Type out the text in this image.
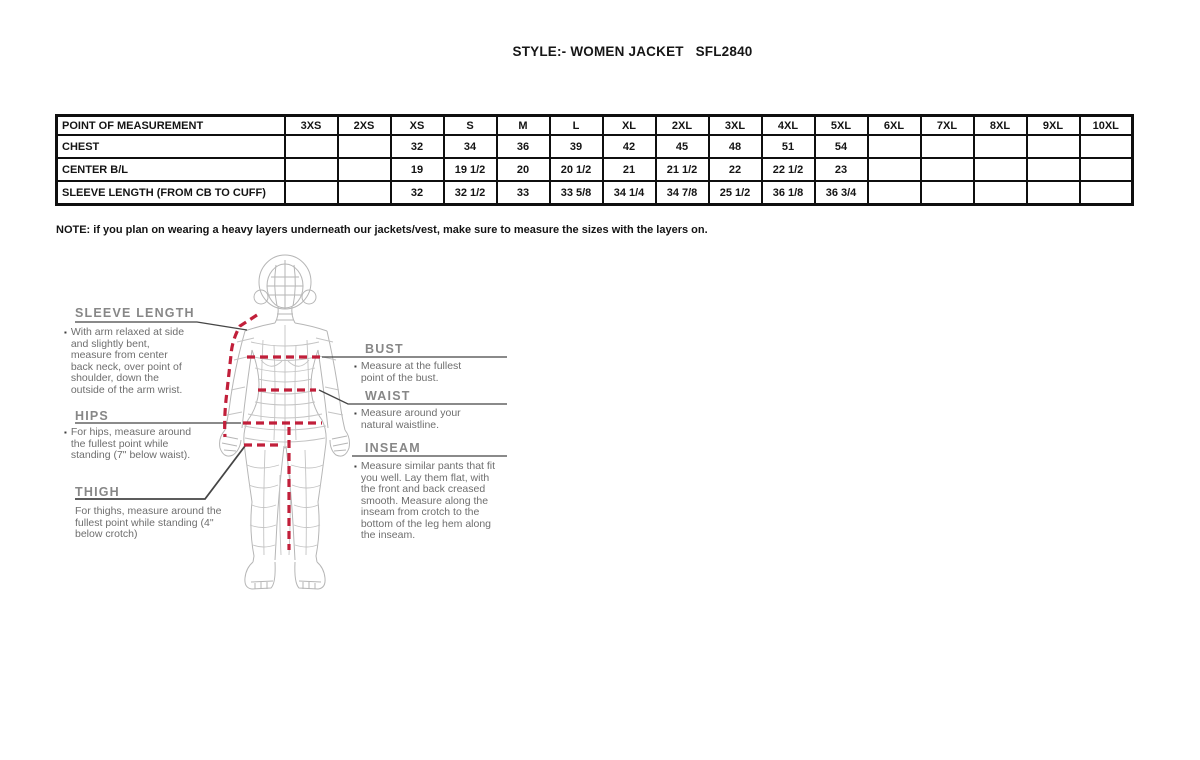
STYLE:- WOMEN JACKET   SFL2840
POINT OF MEASUREMENT	3XS	2XS	XS	S	M	L	XL	2XL	3XL	4XL	5XL	6XL	7XL	8XL	9XL	10XL
CHEST			32	34	36	39	42	45	48	51	54					
CENTER B/L			19	19 1/2	20	20 1/2	21	21 1/2	22	22 1/2	23					
SLEEVE LENGTH (FROM CB TO CUFF)			32	32 1/2	33	33 5/8	34 1/4	34 7/8	25 1/2	36 1/8	36 3/4					
NOTE: if you plan on wearing a heavy layers underneath our jackets/vest, make sure to measure the sizes with the layers on.
SLEEVE LENGTH
▪ With arm relaxed at side and slightly bent, measure from center back neck, over point of shoulder, down the outside of the arm wrist.
HIPS
▪ For hips, measure around the fullest point while standing (7" below waist).
THIGH
For thighs, measure around the fullest point while standing (4" below crotch)
BUST
▪ Measure at the fullest point of the bust.
WAIST
▪ Measure around your natural waistline.
INSEAM
▪ Measure similar pants that fit you well. Lay them flat, with the front and back creased smooth. Measure along the inseam from crotch to the bottom of the leg hem along the inseam.
